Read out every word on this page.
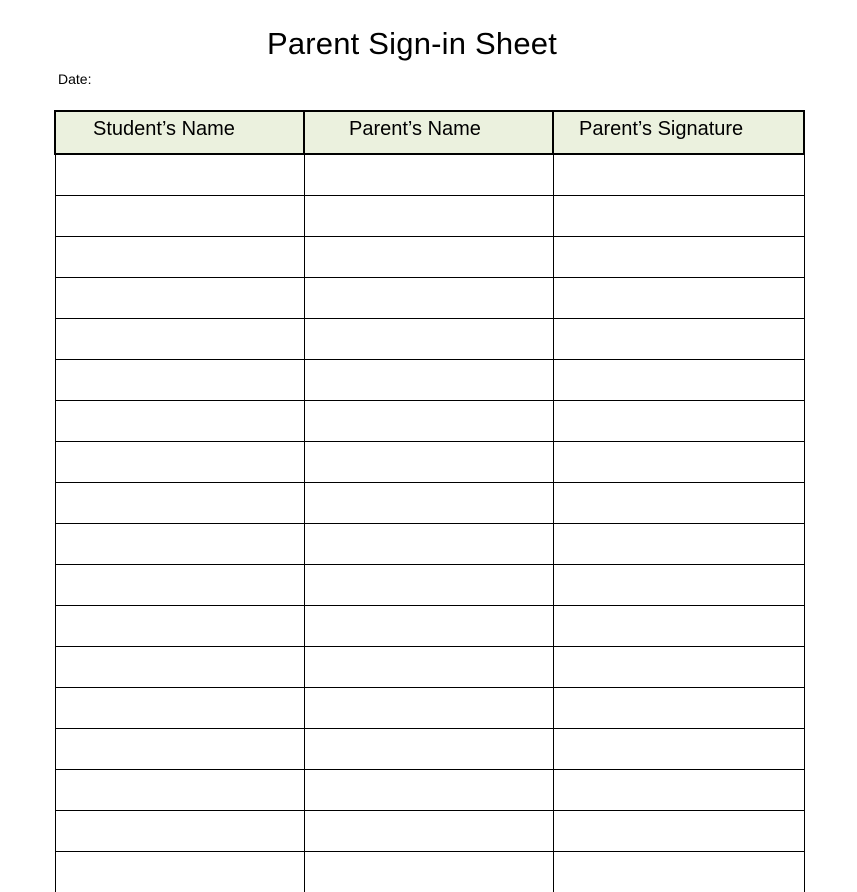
Parent Sign-in Sheet
Date:
Student’s Name	Parent’s Name	Parent’s Signature
